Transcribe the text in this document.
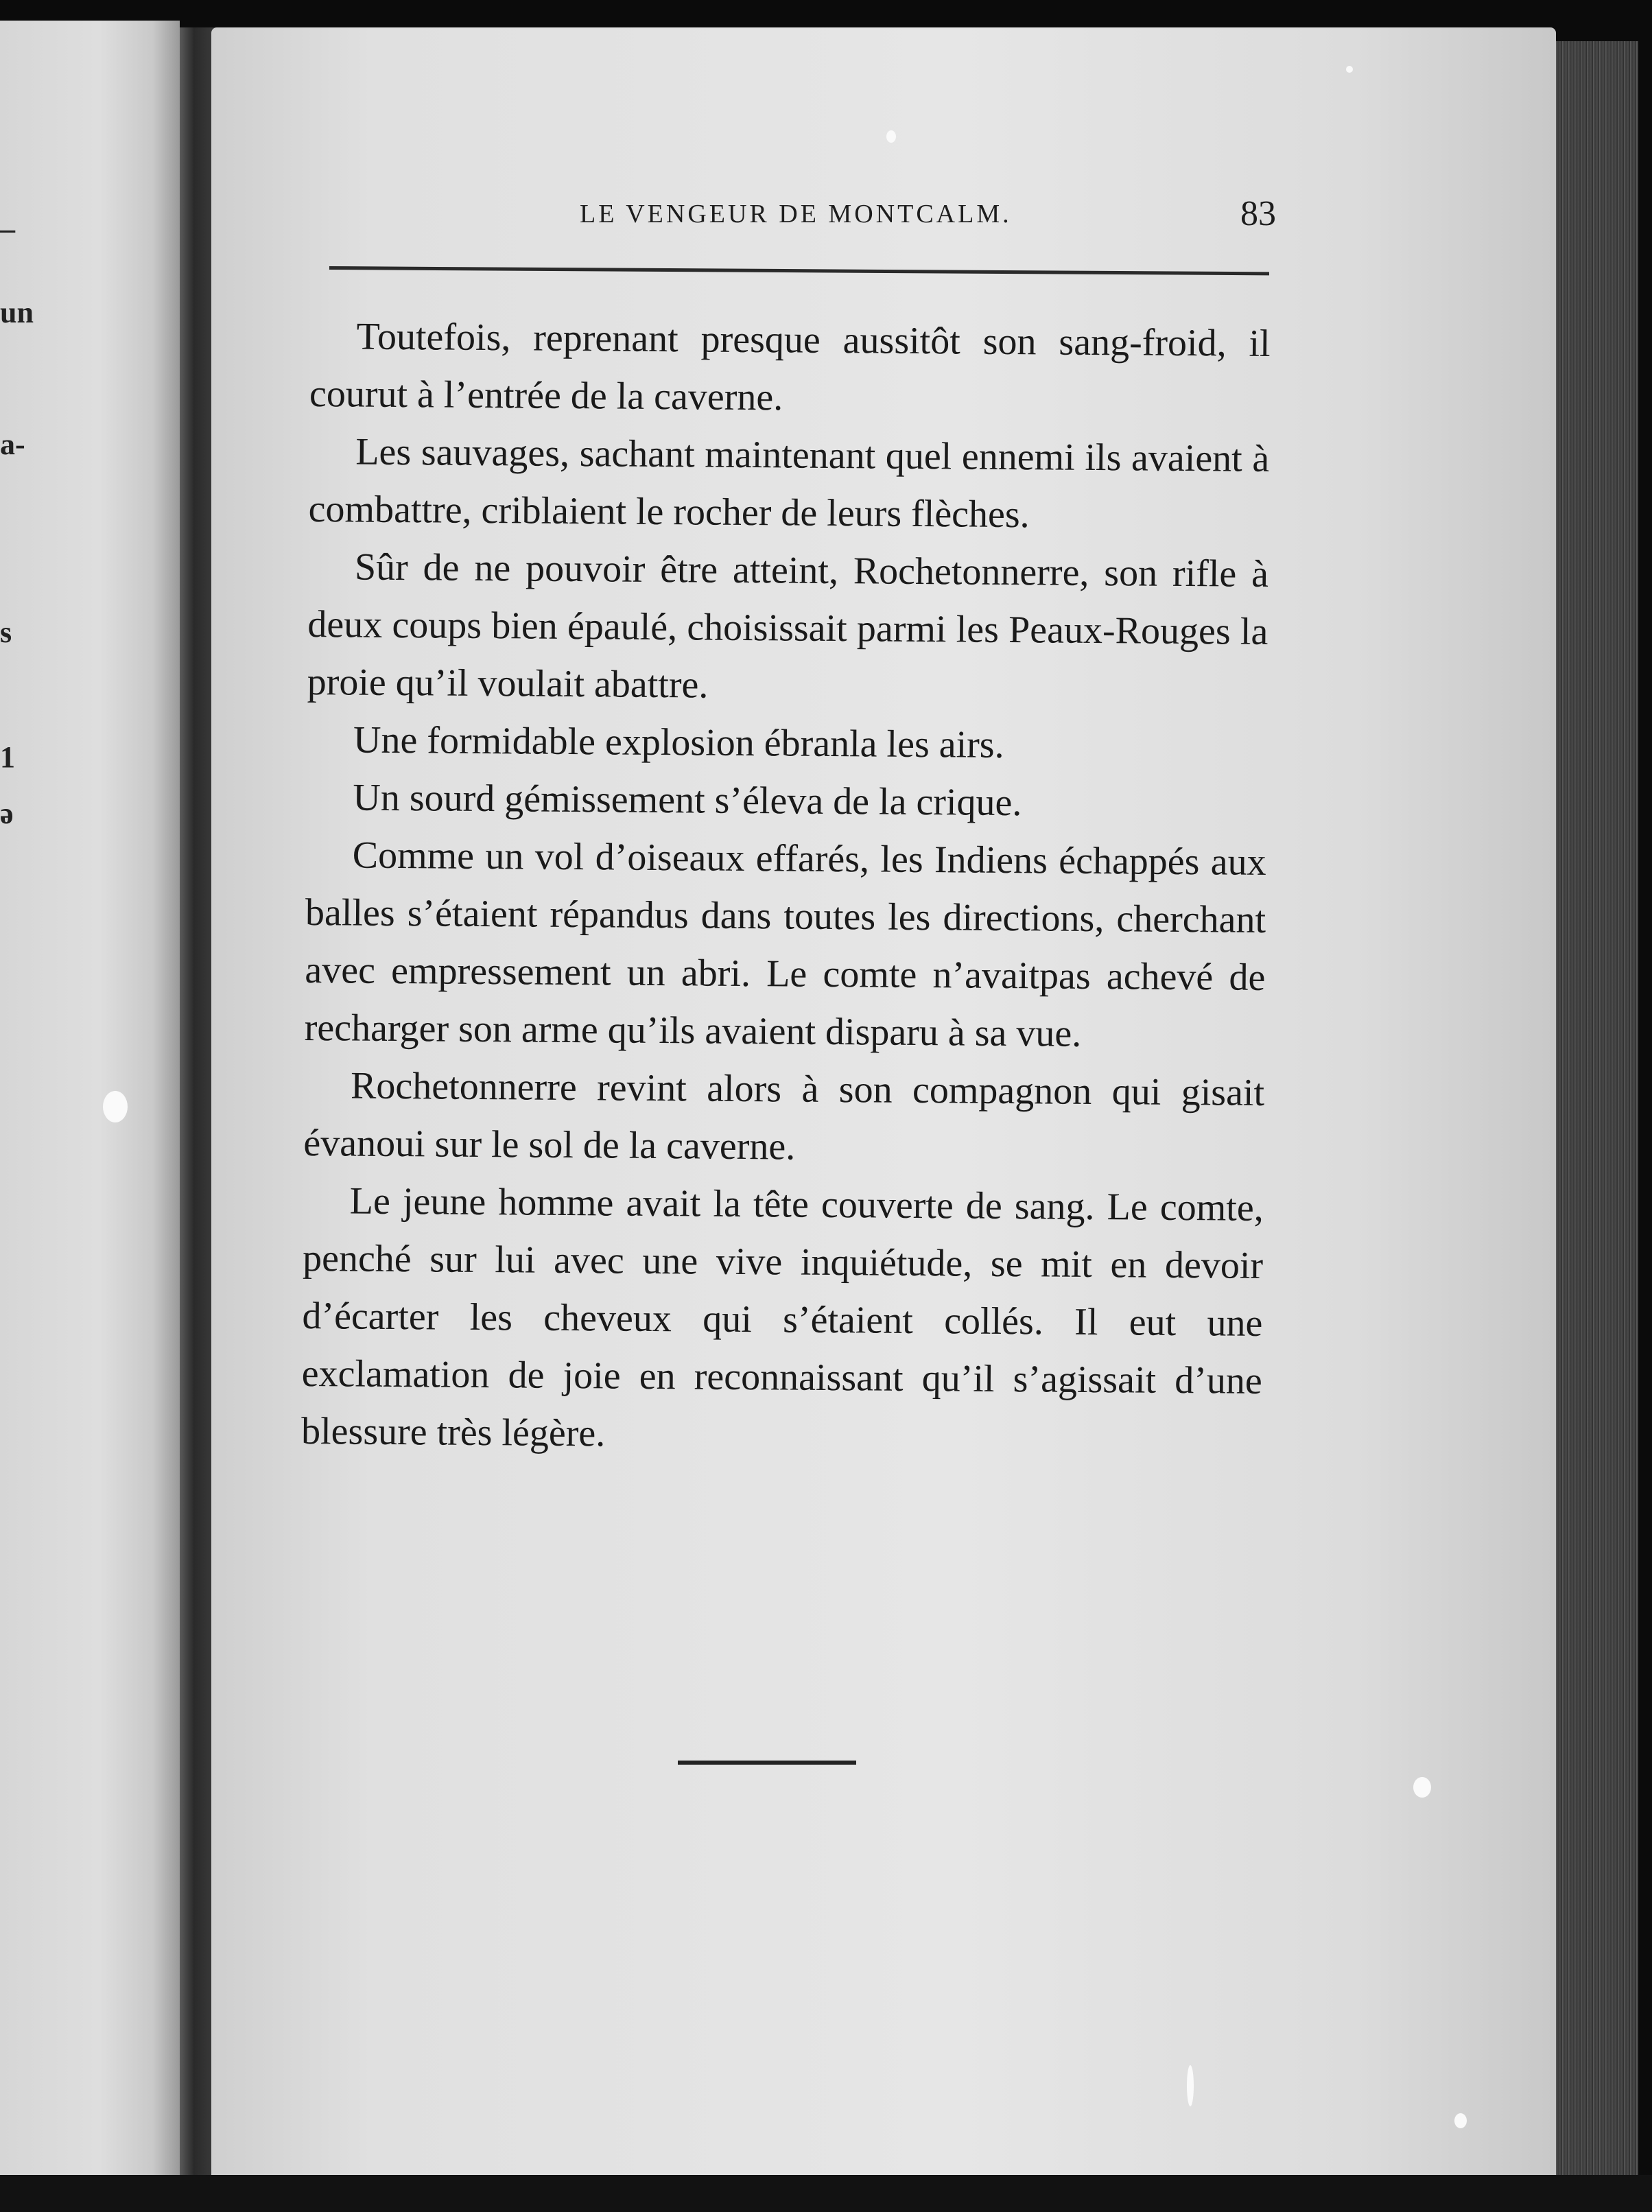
–
un
a-
s
1
ə
LE VENGEUR DE MONTCALM.	83

Toutefois, reprenant presque aussitôt son sang-froid, il courut à l’entrée de la caverne.

Les sauvages, sachant maintenant quel ennemi ils avaient à combattre, criblaient le rocher de leurs flèches.

Sûr de ne pouvoir être atteint, Rochetonnerre, son rifle à deux coups bien épaulé, choisissait parmi les Peaux-Rouges la proie qu’il voulait abattre.

Une formidable explosion ébranla les airs.

Un sourd gémissement s’éleva de la crique.

Comme un vol d’oiseaux effarés, les Indiens échappés aux balles s’étaient répandus dans toutes les directions, cherchant avec empressement un abri. Le comte n’avaitpas achevé de recharger son arme qu’ils avaient disparu à sa vue.

Rochetonnerre revint alors à son compagnon qui gisait évanoui sur le sol de la caverne.

Le jeune homme avait la tête couverte de sang. Le comte, penché sur lui avec une vive inquiétude, se mit en devoir d’écarter les cheveux qui s’étaient collés. Il eut une exclamation de joie en reconnaissant qu’il s’agissait d’une blessure très légère.
